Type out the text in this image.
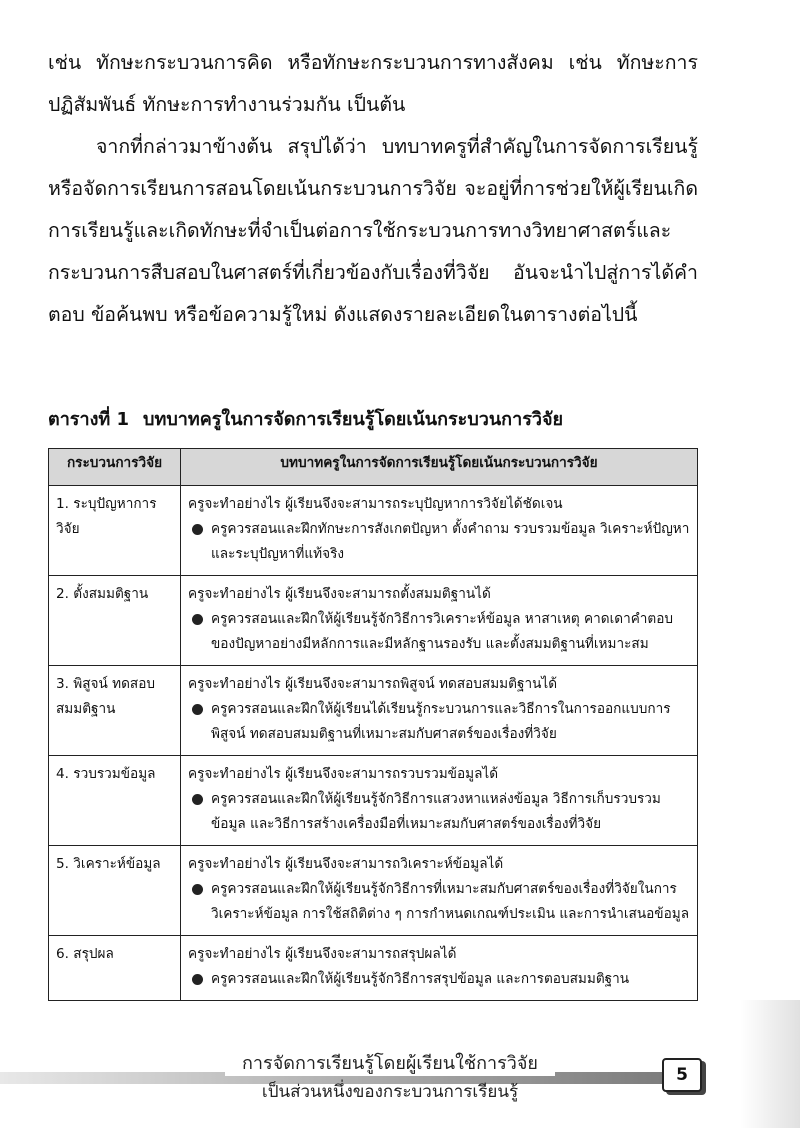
เช่น ทักษะกระบวนการคิด หรือทักษะกระบวนการทางสังคม เช่น ทักษะการปฏิสัมพันธ์ ทักษะการทำงานร่วมกัน เป็นต้น

จากที่กล่าวมาข้างต้น สรุปได้ว่า บทบาทครูที่สำคัญในการจัดการเรียนรู้หรือจัดการเรียนการสอนโดยเน้นกระบวนการวิจัย จะอยู่ที่การช่วยให้ผู้เรียนเกิดการเรียนรู้และเกิดทักษะที่จำเป็นต่อการใช้กระบวนการทางวิทยาศาสตร์และกระบวนการสืบสอบในศาสตร์ที่เกี่ยวข้องกับเรื่องที่วิจัย อันจะนำไปสู่การได้คำตอบ ข้อค้นพบ หรือข้อความรู้ใหม่ ดังแสดงรายละเอียดในตารางต่อไปนี้

ตารางที่ 1 บทบาทครูในการจัดการเรียนรู้โดยเน้นกระบวนการวิจัย
กระบวนการวิจัย	บทบาทครูในการจัดการเรียนรู้โดยเน้นกระบวนการวิจัย
1. ระบุปัญหาการวิจัย	ครูจะทำอย่างไร ผู้เรียนจึงจะสามารถระบุปัญหาการวิจัยได้ชัดเจน
ครูควรสอนและฝึกทักษะการสังเกตปัญหา ตั้งคำถาม รวบรวมข้อมูล วิเคราะห์ปัญหา และระบุปัญหาที่แท้จริง

2. ตั้งสมมติฐาน	ครูจะทำอย่างไร ผู้เรียนจึงจะสามารถตั้งสมมติฐานได้
ครูควรสอนและฝึกให้ผู้เรียนรู้จักวิธีการวิเคราะห์ข้อมูล หาสาเหตุ คาดเดาคำตอบของปัญหาอย่างมีหลักการและมีหลักฐานรองรับ และตั้งสมมติฐานที่เหมาะสม

3. พิสูจน์ ทดสอบ สมมติฐาน	ครูจะทำอย่างไร ผู้เรียนจึงจะสามารถพิสูจน์ ทดสอบสมมติฐานได้
ครูควรสอนและฝึกให้ผู้เรียนได้เรียนรู้กระบวนการและวิธีการในการออกแบบการพิสูจน์ ทดสอบสมมติฐานที่เหมาะสมกับศาสตร์ของเรื่องที่วิจัย

4. รวบรวมข้อมูล	ครูจะทำอย่างไร ผู้เรียนจึงจะสามารถรวบรวมข้อมูลได้
ครูควรสอนและฝึกให้ผู้เรียนรู้จักวิธีการแสวงหาแหล่งข้อมูล วิธีการเก็บรวบรวมข้อมูล และวิธีการสร้างเครื่องมือที่เหมาะสมกับศาสตร์ของเรื่องที่วิจัย

5. วิเคราะห์ข้อมูล	ครูจะทำอย่างไร ผู้เรียนจึงจะสามารถวิเคราะห์ข้อมูลได้
ครูควรสอนและฝึกให้ผู้เรียนรู้จักวิธีการที่เหมาะสมกับศาสตร์ของเรื่องที่วิจัยในการวิเคราะห์ข้อมูล การใช้สถิติต่าง ๆ การกำหนดเกณฑ์ประเมิน และการนำเสนอข้อมูล

6. สรุปผล	ครูจะทำอย่างไร ผู้เรียนจึงจะสามารถสรุปผลได้
ครูควรสอนและฝึกให้ผู้เรียนรู้จักวิธีการสรุปข้อมูล และการตอบสมมติฐาน
การจัดการเรียนรู้โดยผู้เรียนใช้การวิจัย
เป็นส่วนหนึ่งของกระบวนการเรียนรู้
5
